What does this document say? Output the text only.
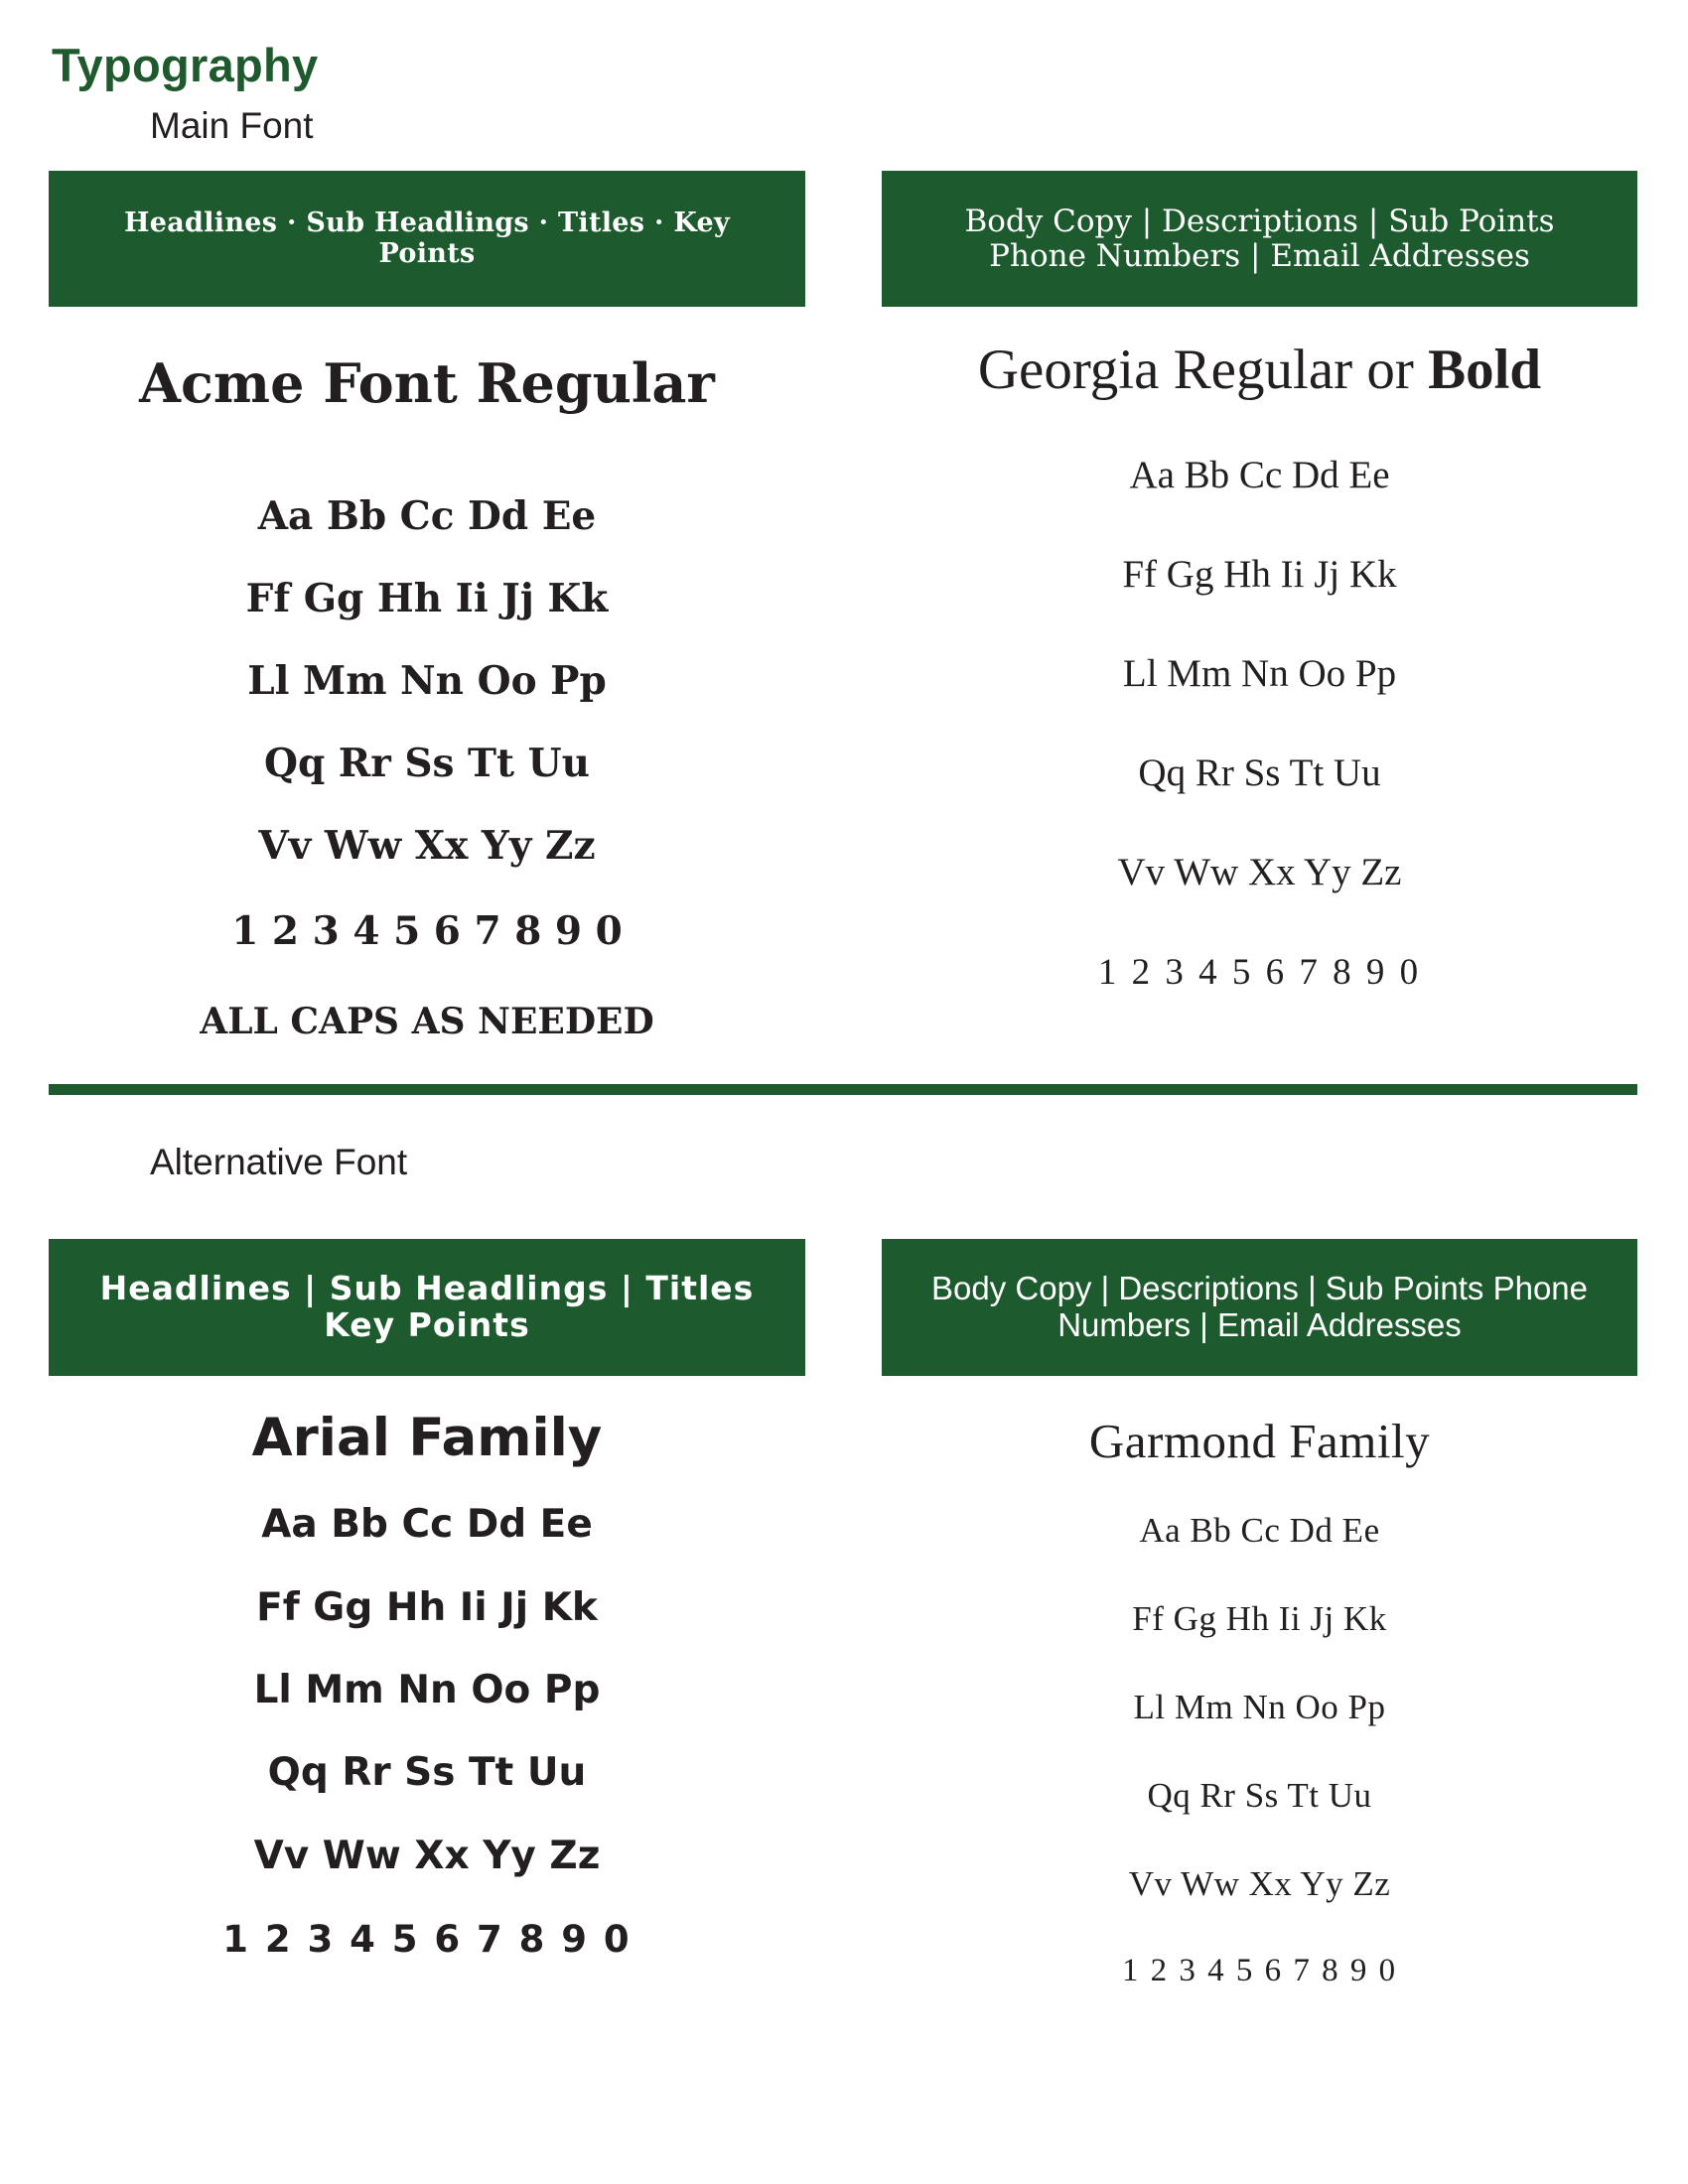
Typography
Main Font
Headlines · Sub Headlings · Titles · Key Points
Body Copy | Descriptions | Sub Points Phone Numbers | Email Addresses
Acme Font Regular
Aa Bb Cc Dd Ee
Ff Gg Hh Ii Jj Kk
Ll Mm Nn Oo Pp
Qq Rr Ss Tt Uu
Vv Ww Xx Yy Zz
1 2 3 4 5 6 7 8 9 0
ALL CAPS AS NEEDED
Georgia Regular or Bold
Aa Bb Cc Dd Ee
Ff Gg Hh Ii Jj Kk
Ll Mm Nn Oo Pp
Qq Rr Ss Tt Uu
Vv Ww Xx Yy Zz
1 2 3 4 5 6 7 8 9 0
Alternative Font
Headlines | Sub Headlings | Titles Key Points
Body Copy | Descriptions | Sub Points Phone Numbers | Email Addresses
Arial Family
Aa Bb Cc Dd Ee
Ff Gg Hh Ii Jj Kk
Ll Mm Nn Oo Pp
Qq Rr Ss Tt Uu
Vv Ww Xx Yy Zz
1 2 3 4 5 6 7 8 9 0
Garmond Family
Aa Bb Cc Dd Ee
Ff Gg Hh Ii Jj Kk
Ll Mm Nn Oo Pp
Qq Rr Ss Tt Uu
Vv Ww Xx Yy Zz
1 2 3 4 5 6 7 8 9 0
